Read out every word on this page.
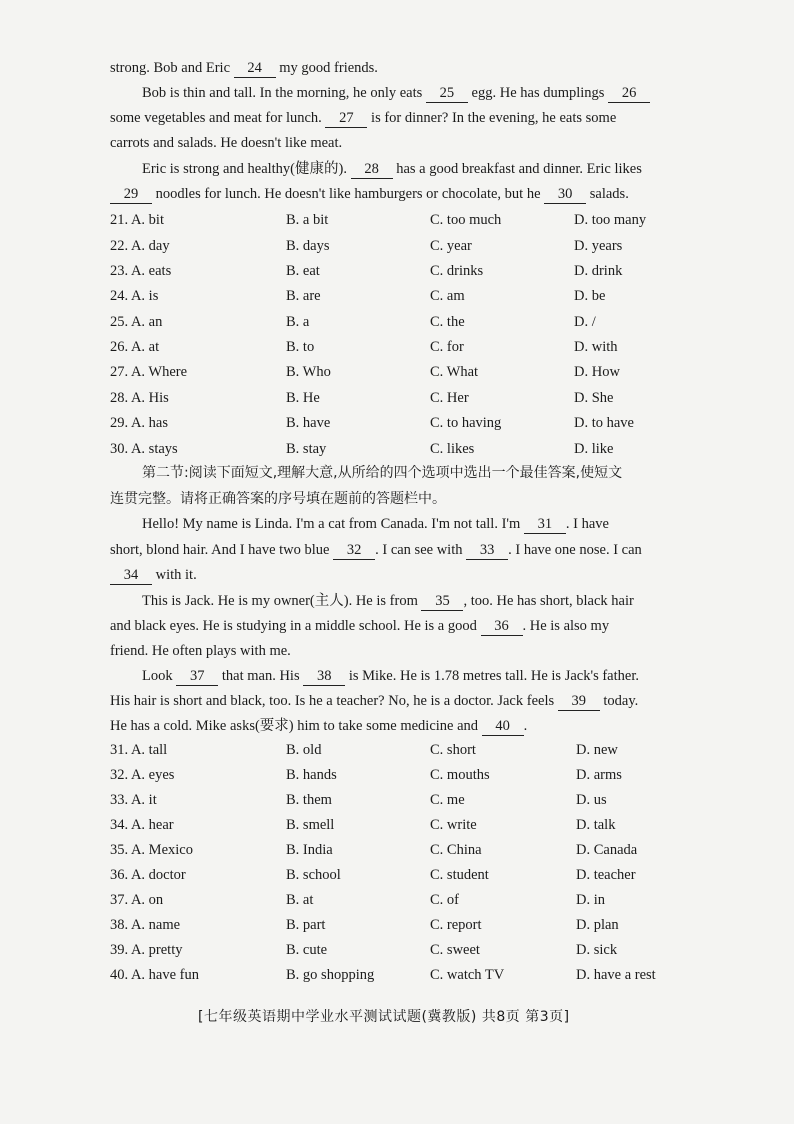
strong. Bob and Eric 24 my good friends.
Bob is thin and tall. In the morning, he only eats 25 egg. He has dumplings 26
some vegetables and meat for lunch. 27 is for dinner? In the evening, he eats some
carrots and salads. He doesn't like meat.
Eric is strong and healthy(健康的). 28 has a good breakfast and dinner. Eric likes
29 noodles for lunch. He doesn't like hamburgers or chocolate, but he 30 salads.
21. A. bit	B. a bit	C. too much	D. too many
22. A. day	B. days	C. year	D. years
23. A. eats	B. eat	C. drinks	D. drink
24. A. is	B. are	C. am	D. be
25. A. an	B. a	C. the	D. /
26. A. at	B. to	C. for	D. with
27. A. Where	B. Who	C. What	D. How
28. A. His	B. He	C. Her	D. She
29. A. has	B. have	C. to having	D. to have
30. A. stays	B. stay	C. likes	D. like
第二节:阅读下面短文,理解大意,从所给的四个选项中选出一个最佳答案,使短文
连贯完整。请将正确答案的序号填在题前的答题栏中。
Hello! My name is Linda. I'm a cat from Canada. I'm not tall. I'm 31 . I have
short, blond hair. And I have two blue 32 . I can see with 33 . I have one nose. I can
34 with it.
This is Jack. He is my owner(主人). He is from 35 , too. He has short, black hair
and black eyes. He is studying in a middle school. He is a good 36 . He is also my
friend. He often plays with me.
Look 37 that man. His 38 is Mike. He is 1.78 metres tall. He is Jack's father.
His hair is short and black, too. Is he a teacher? No, he is a doctor. Jack feels 39 today.
He has a cold. Mike asks(要求) him to take some medicine and 40 .
31. A. tall	B. old	C. short	D. new
32. A. eyes	B. hands	C. mouths	D. arms
33. A. it	B. them	C. me	D. us
34. A. hear	B. smell	C. write	D. talk
35. A. Mexico	B. India	C. China	D. Canada
36. A. doctor	B. school	C. student	D. teacher
37. A. on	B. at	C. of	D. in
38. A. name	B. part	C. report	D. plan
39. A. pretty	B. cute	C. sweet	D. sick
40. A. have fun	B. go shopping	C. watch TV	D. have a rest
[七年级英语期中学业水平测试试题(冀教版) 共8页 第3页]
